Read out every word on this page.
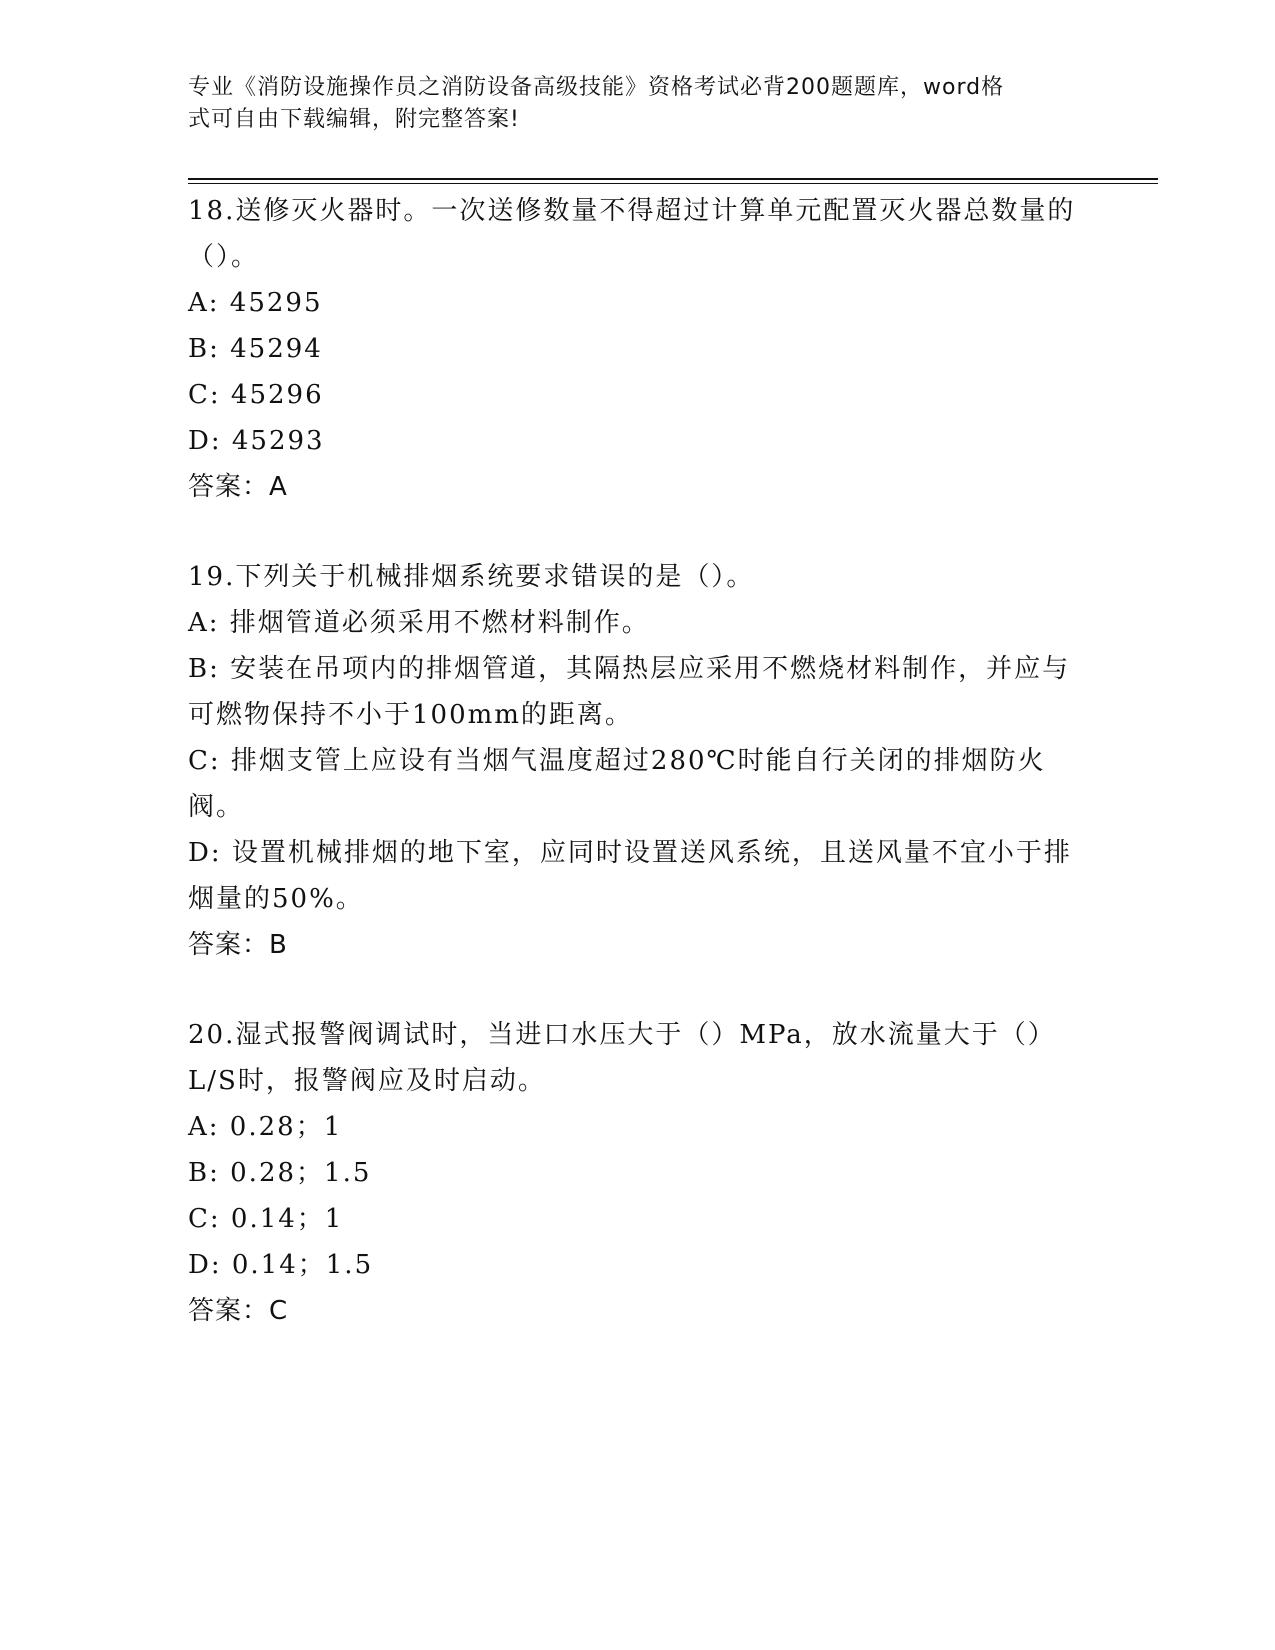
专业《消防设施操作员之消防设备高级技能》资格考试必背200题题库，word格
式可自由下载编辑，附完整答案!

18.送修灭火器时。一次送修数量不得超过计算单元配置灭火器总数量的（）。

A: 45295

B: 45294

C: 45296

D: 45293

答案：A

19.下列关于机械排烟系统要求错误的是（）。

A: 排烟管道必须采用不燃材料制作。

B: 安装在吊项内的排烟管道，其隔热层应采用不燃烧材料制作，并应与可燃物保持不小于100mm的距离。

C: 排烟支管上应设有当烟气温度超过280℃时能自行关闭的排烟防火阀。

D: 设置机械排烟的地下室，应同时设置送风系统，且送风量不宜小于排烟量的50%。

答案：B

20.湿式报警阀调试时，当进口水压大于（）MPa，放水流量大于（）L/S时，报警阀应及时启动。

A: 0.28；1

B: 0.28；1.5

C: 0.14；1

D: 0.14；1.5

答案：C
